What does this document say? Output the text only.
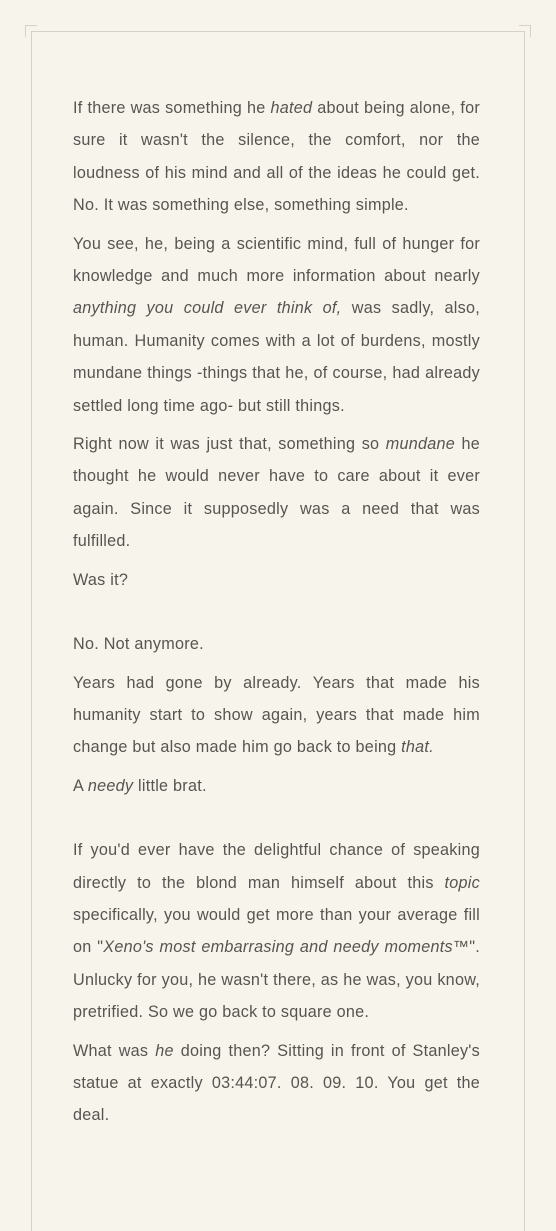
If there was something he hated about being alone, for sure it wasn't the silence, the comfort, nor the loudness of his mind and all of the ideas he could get. No. It was something else, something simple.

You see, he, being a scientific mind, full of hunger for knowledge and much more information about nearly anything you could ever think of, was sadly, also, human. Humanity comes with a lot of burdens, mostly mundane things -things that he, of course, had already settled long time ago- but still things.

Right now it was just that, something so mundane he thought he would never have to care about it ever again. Since it supposedly was a need that was fulfilled.

Was it?

No. Not anymore.

Years had gone by already. Years that made his humanity start to show again, years that made him change but also made him go back to being that.

A needy little brat.

If you'd ever have the delightful chance of speaking directly to the blond man himself about this topic specifically, you would get more than your average fill on "Xeno's most embarrasing and needy moments™". Unlucky for you, he wasn't there, as he was, you know, pretrified. So we go back to square one.

What was he doing then? Sitting in front of Stanley's statue at exactly 03:44:07. 08. 09. 10. You get the deal.
